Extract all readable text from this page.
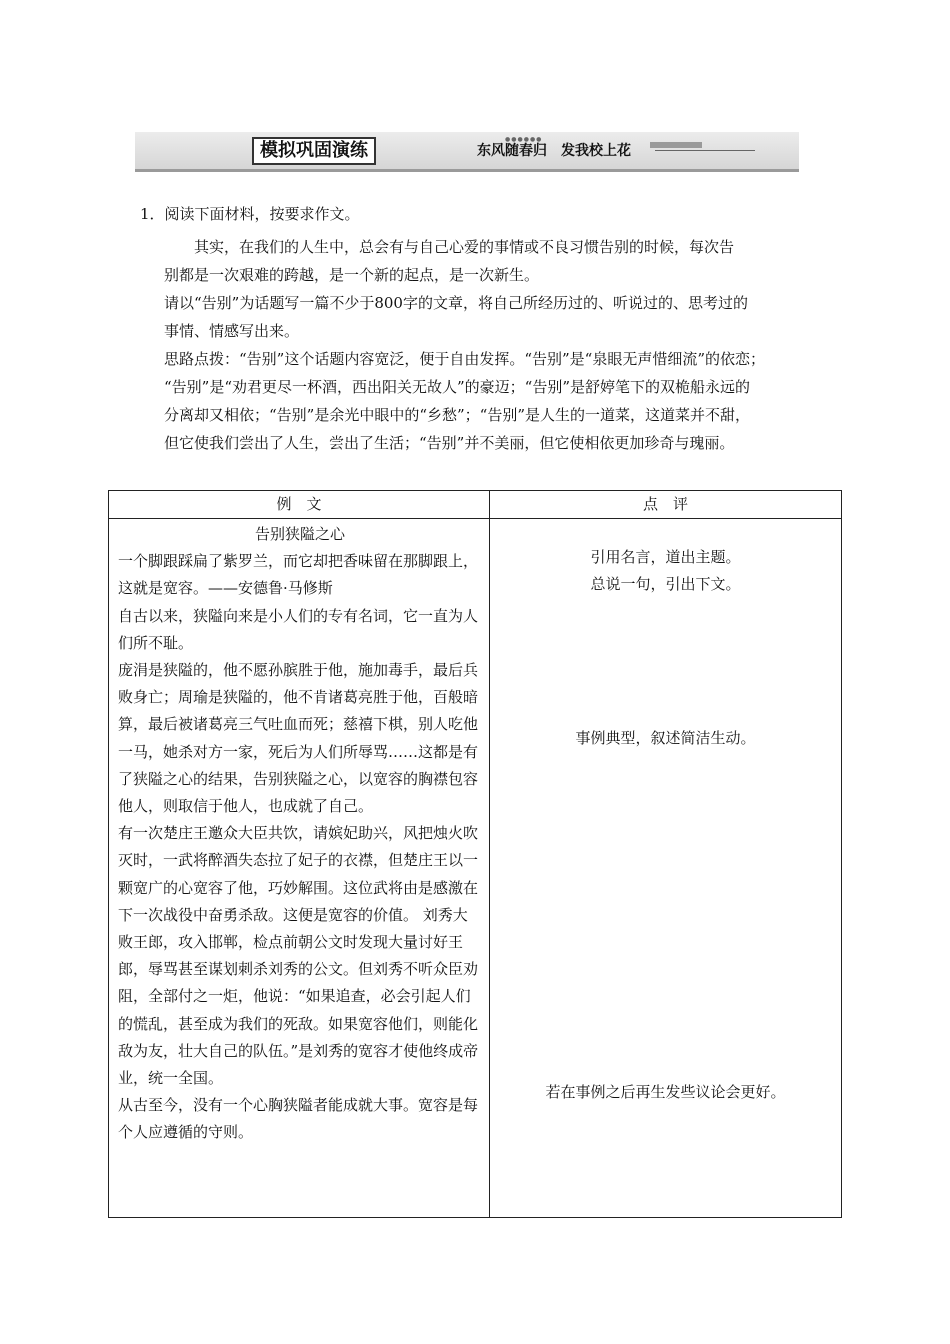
模拟巩固演练
●●●●●●
东风随春归　发我校上花
1．阅读下面材料，按要求作文。
　　其实，在我们的人生中，总会有与自己心爱的事情或不良习惯告别的时候，每次告
别都是一次艰难的跨越，是一个新的起点，是一次新生。
请以“告别”为话题写一篇不少于800字的文章，将自己所经历过的、听说过的、思考过的
事情、情感写出来。
思路点拨：“告别”这个话题内容宽泛，便于自由发挥。“告别”是“泉眼无声惜细流”的依恋；
“告别”是“劝君更尽一杯酒，西出阳关无故人”的豪迈；“告别”是舒婷笔下的双桅船永远的
分离却又相依；“告别”是余光中眼中的“乡愁”；“告别”是人生的一道菜，这道菜并不甜，
但它使我们尝出了人生，尝出了生活；“告别”并不美丽，但它使相依更加珍奇与瑰丽。
例　文	点　评
告别狭隘之心

一个脚跟踩扁了紫罗兰，而它却把香味留在那脚跟上，这就是宽容。——安德鲁·马修斯

自古以来，狭隘向来是小人们的专有名词，它一直为人们所不耻。

庞涓是狭隘的，他不愿孙膑胜于他，施加毒手，最后兵败身亡；周瑜是狭隘的，他不肯诸葛亮胜于他，百般暗算，最后被诸葛亮三气吐血而死；慈禧下棋，别人吃他一马，她杀对方一家，死后为人们所辱骂……这都是有了狭隘之心的结果，告别狭隘之心，以宽容的胸襟包容他人，则取信于他人，也成就了自己。

有一次楚庄王邀众大臣共饮，请嫔妃助兴，风把烛火吹灭时，一武将醉酒失态拉了妃子的衣襟，但楚庄王以一颗宽广的心宽容了他，巧妙解围。这位武将由是感激在下一次战役中奋勇杀敌。这便是宽容的价值。 刘秀大败王郎，攻入邯郸，检点前朝公文时发现大量讨好王郎，辱骂甚至谋划刺杀刘秀的公文。但刘秀不听众臣劝阻，全部付之一炬，他说：“如果追查，必会引起人们的慌乱，甚至成为我们的死敌。如果宽容他们，则能化敌为友，壮大自己的队伍。”是刘秀的宽容才使他终成帝业，统一全国。

从古至今，没有一个心胸狭隘者能成就大事。宽容是每个人应遵循的守则。

引用名言，道出主题。
总说一句，引出下文。
事例典型，叙述简洁生动。
若在事例之后再生发些议论会更好。
